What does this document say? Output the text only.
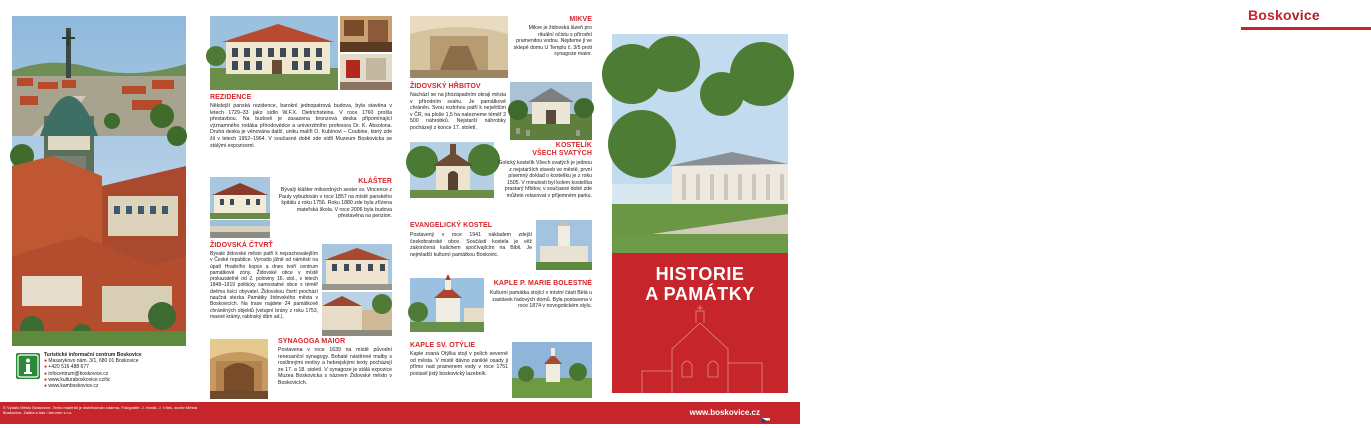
Turistické informační centrum Boskovice
● Masarykovo nám. 3/1, 680 01 Boskovice
● +420 516 488 677
● infocentrum@boskovice.cz
● www.kulturaboskovice.cz/tic
● www.kamboskovice.cz
REZIDENCE
Někdejší panská rezidence, barokní jednopatrová budova, byla stavěna v letech 1729–33 jako sídlo W.F.X. Dietrichsteina. V roce 1760 prošla přestavbou. Na budově je zasazena bronzová deska připomínající významného rodáka přírodovědce a univerzitního profesora Dr. K. Absolona. Druhá deska je věnována další, uniku malíři O. Kubínovi – Coubine, který zde žil v letech 1952–1964. V současné době zde sídlí Muzeum Boskovicka se stálými expozicemi.
KLÁŠTER
Bývalý klášter milosrdných sester sv. Vincence z Pauly vybudován v roce 1857 na místě panského špitálu z roku 1756. Roku 1880 zde byla zřízena mateřská škola. V roce 2006 byla budova přestavěna na penzion.
ŽIDOVSKÁ ČTVRŤ
Bývalé židovské město patří k nejzachovalejším v České republice. Vyrostlo jižně od náměstí na úpatí Hradního kopce a dnes tvoří centrum památkové zóny. Židovské obce v místě prokazatelně od 2. poloviny 16. stol., v letech 1848–1919 politicky samostatné obce s téměř dvěma tisíci obyvatel. Židovskou čtvrtí prochází naučná stezka Památky židovského města v Boskovicích. Na trase najdete 24 památkově chráněných objektů (vstupní brány z roku 1753, masné krámy, rabínský dům ad.).
SYNAGOGA MAIOR
Postavena v roce 1639 na místě původní renesanční synagogy. Bohaté nástěnné malby s rostlinnými motivy a hebrejskými texty pocházejí ze 17. a 18. století. V synagoze je stálá expozice Muzea Boskovicka s názvem Židovské město v Boskovicích.
MIKVE
Mikve je židovská lázeň pro rituální očistu s přírodní pramenitou vodou. Nejdeme ji ve sklepě domu U Templu č. 3/5 proti synagoze maior.
ŽIDOVSKÝ HŘBITOV
Nachází se na jihozápadním okraji města v přírodním svahu. Je památkově chráněn. Svou rozlohou patří k největším v ČR, na ploše 1,5 ha nalezneme téměř 2 500 náhrobků. Nejstarší náhrobky pocházejí z konce 17. století.
KOSTELÍK
VŠECH SVATÝCH
Gotický kostelík Všech svatých je jednou z nejstarších staveb ve městě, první písemný doklad o kostelíku je z roku 1505. V minulosti byl kolem kostelíka prastarý hřbitov, v současné době zde můžete relaxovat v příjemném parku.
EVANGELICKÝ KOSTEL
Postavený v roce 1941 nákladem zdejší českobratrské obce. Součástí kostela je věž zakončená kalichem spočívajícím na Bibli. Je nejmladší kulturní památkou Boskovic.
KAPLE P. MARIE BOLESTNÉ
Kulturní památka stojící v místní části Bělá u zastávek řadových domů. Byla postavena v roce 1874 v novogotickém stylu.
KAPLE SV. OTÝLIE
Kaple zvaná Otýlka stojí v polích severně od města. V místě dávno zaniklé osady ji přímo nad pramenem vody v roce 1751 postavil jistý boskovický lazebník.
Boskovice
HISTORIE
A PAMÁTKY
© Vydalo Město Boskovice. Tento materiál je distribuován zdarma. Fotografie: J. Horák, J. Vítek, archiv Města Boskovice, Zadka a Ilak / Aeromn s.r.o.	www.boskovice.cz
